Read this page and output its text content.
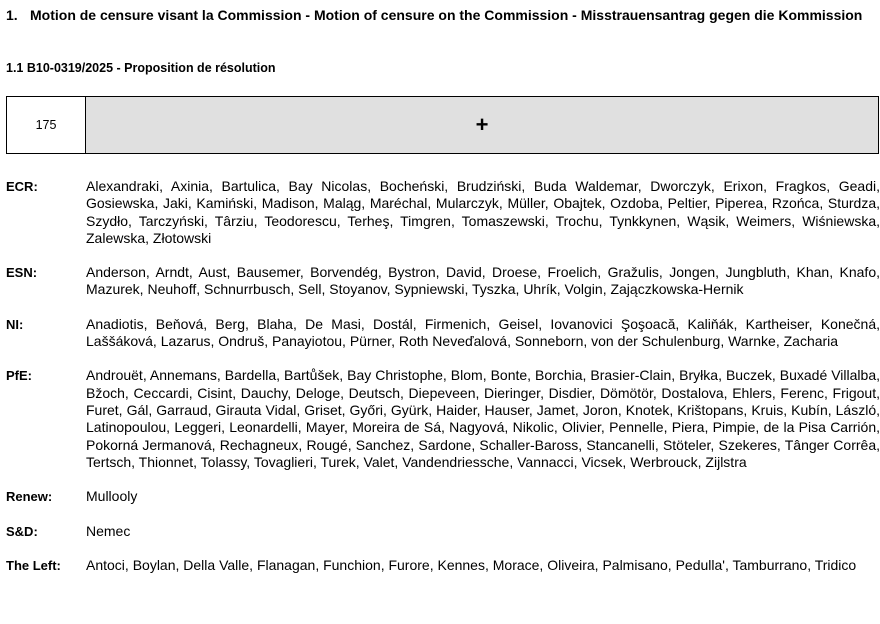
1. Motion de censure visant la Commission - Motion of censure on the Commission - Misstrauensantrag gegen die Kommission
1.1 B10-0319/2025 - Proposition de résolution
175	+
ECR:	Alexandraki, Axinia, Bartulica, Bay Nicolas, Bocheński, Brudziński, Buda Waldemar, Dworczyk, Erixon, Fragkos, Geadi, Gosiewska, Jaki, Kamiński, Madison, Maląg, Maréchal, Mularczyk, Müller, Obajtek, Ozdoba, Peltier, Piperea, Rzońca, Sturdza, Szydło, Tarczyński, Târziu, Teodorescu, Terheş, Timgren, Tomaszewski, Trochu, Tynkkynen, Wąsik, Weimers, Wiśniewska, Zalewska, Złotowski
ESN:	Anderson, Arndt, Aust, Bausemer, Borvendég, Bystron, David, Droese, Froelich, Gražulis, Jongen, Jungbluth, Khan, Knafo, Mazurek, Neuhoff, Schnurrbusch, Sell, Stoyanov, Sypniewski, Tyszka, Uhrík, Volgin, Zajączkowska-Hernik
NI:	Anadiotis, Beňová, Berg, Blaha, De Masi, Dostál, Firmenich, Geisel, Iovanovici Şoşoacă, Kaliňák, Kartheiser, Konečná, Laššáková, Lazarus, Ondruš, Panayiotou, Pürner, Roth Neveďalová, Sonneborn, von der Schulenburg, Warnke, Zacharia
PfE:	Androuët, Annemans, Bardella, Bartůšek, Bay Christophe, Blom, Bonte, Borchia, Brasier-Clain, Bryłka, Buczek, Buxadé Villalba, Bžoch, Ceccardi, Cisint, Dauchy, Deloge, Deutsch, Diepeveen, Dieringer, Disdier, Dömötör, Dostalova, Ehlers, Ferenc, Frigout, Furet, Gál, Garraud, Girauta Vidal, Griset, Győri, Gyürk, Haider, Hauser, Jamet, Joron, Knotek, Krištopans, Kruis, Kubín, László, Latinopoulou, Leggeri, Leonardelli, Mayer, Moreira de Sá, Nagyová, Nikolic, Olivier, Pennelle, Piera, Pimpie, de la Pisa Carrión, Pokorná Jermanová, Rechagneux, Rougé, Sanchez, Sardone, Schaller-Baross, Stancanelli, Stöteler, Szekeres, Tânger Corrêa, Tertsch, Thionnet, Tolassy, Tovaglieri, Turek, Valet, Vandendriessche, Vannacci, Vicsek, Werbrouck, Zijlstra
Renew:	Mullooly
S&D:	Nemec
The Left:	Antoci, Boylan, Della Valle, Flanagan, Funchion, Furore, Kennes, Morace, Oliveira, Palmisano, Pedulla', Tamburrano, Tridico
